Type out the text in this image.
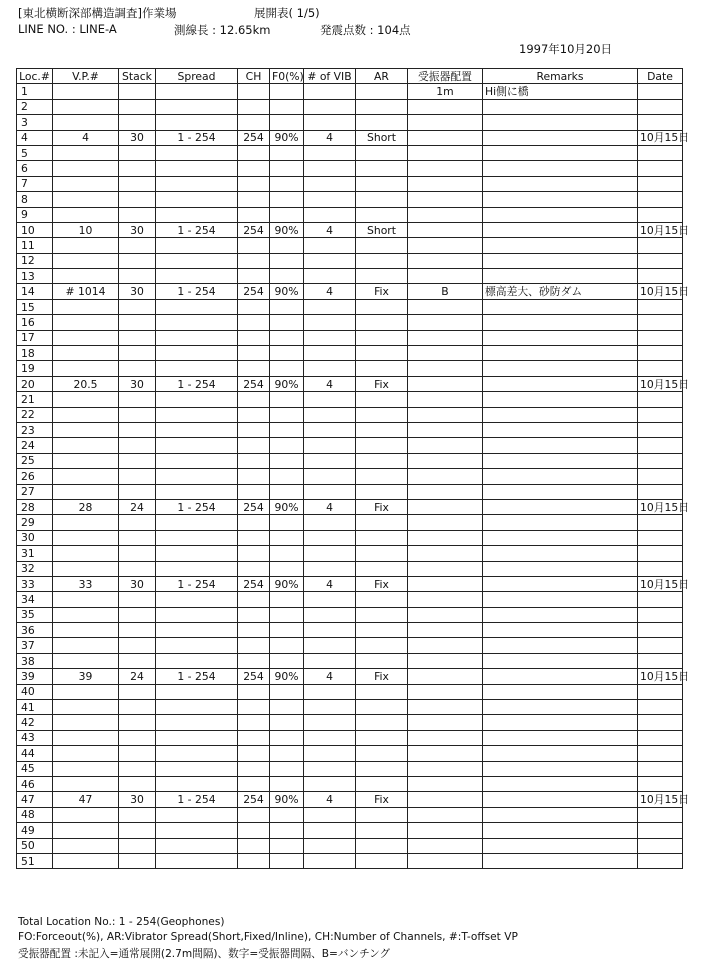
[東北横断深部構造調査]作業場	展開表( 1/5)
LINE NO. : LINE-A	測線長 : 12.65km	発震点数 : 104点
1997年10月20日
Loc.#	V.P.#	Stack	Spread	CH	F0(%)	# of VIB	AR	受振器配置	Remarks	Date
1								1m	Hi側に橋	
2										
3										
4	4	30	1 - 254	254	90%	4	Short			10月15日
5										
6										
7										
8										
9										
10	10	30	1 - 254	254	90%	4	Short			10月15日
11										
12										
13										
14	# 1014	30	1 - 254	254	90%	4	Fix	B	標高差大、砂防ダム	10月15日
15										
16										
17										
18										
19										
20	20.5	30	1 - 254	254	90%	4	Fix			10月15日
21										
22										
23										
24										
25										
26										
27										
28	28	24	1 - 254	254	90%	4	Fix			10月15日
29										
30										
31										
32										
33	33	30	1 - 254	254	90%	4	Fix			10月15日
34										
35										
36										
37										
38										
39	39	24	1 - 254	254	90%	4	Fix			10月15日
40										
41										
42										
43										
44										
45										
46										
47	47	30	1 - 254	254	90%	4	Fix			10月15日
48										
49										
50										
51										
Total Location No.: 1 - 254(Geophones)
FO:Forceout(%), AR:Vibrator Spread(Short,Fixed/Inline), CH:Number of Channels, #:T-offset VP
受振器配置 :未記入=通常展開(2.7m間隔)、数字=受振器間隔、B=バンチング
